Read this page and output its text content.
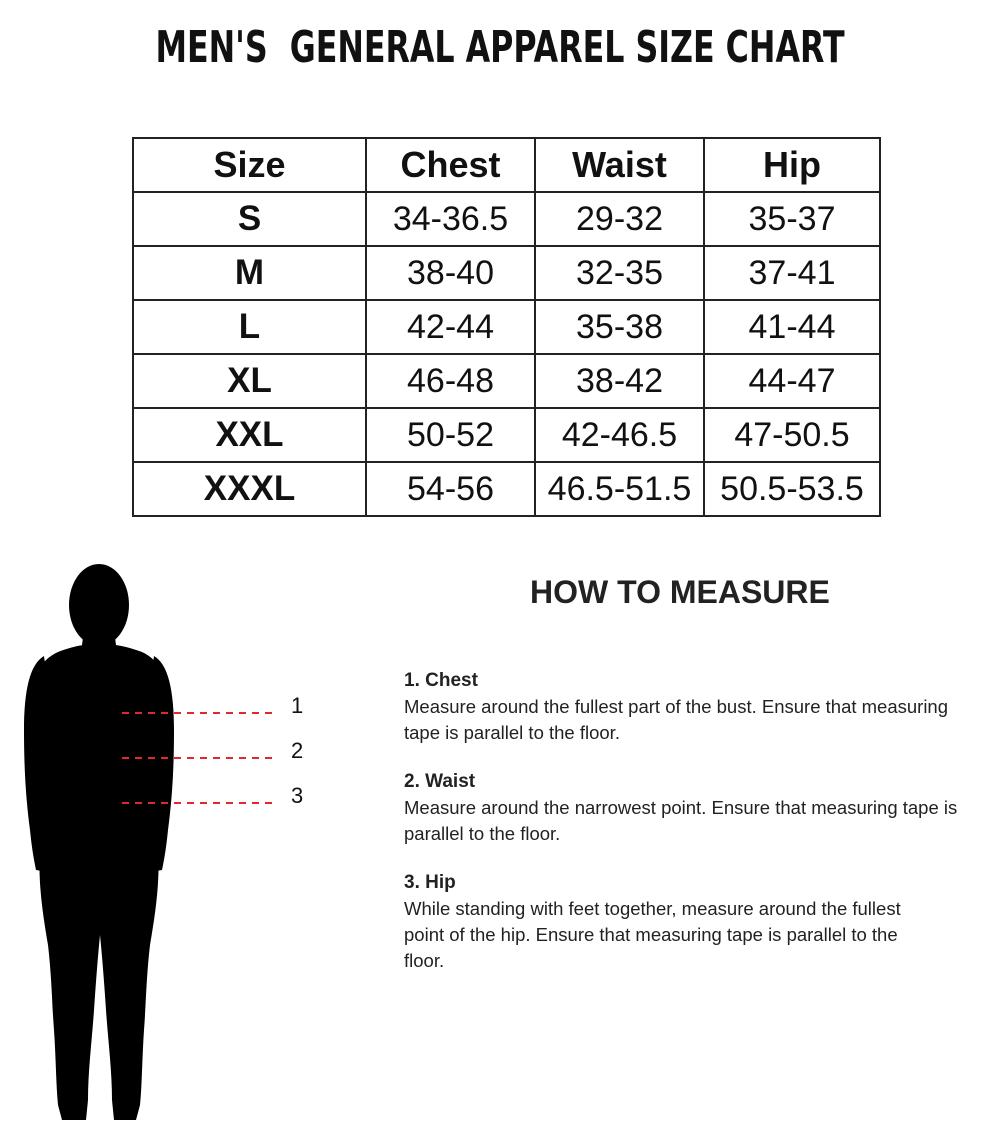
MEN'S  GENERAL APPAREL SIZE CHART
Size	Chest	Waist	Hip
S	34-36.5	29-32	35-37
M	38-40	32-35	37-41
L	42-44	35-38	41-44
XL	46-48	38-42	44-47
XXL	50-52	42-46.5	47-50.5
XXXL	54-56	46.5-51.5	50.5-53.5
1
2
3
HOW TO MEASURE
1. Chest
Measure around the fullest part of the bust. Ensure that measuring tape is parallel to the floor.
2. Waist
Measure around the narrowest point. Ensure that measuring tape is parallel to the floor.
3. Hip
While standing with feet together, measure around the fullest point of the hip. Ensure that measuring tape is parallel to the floor.
